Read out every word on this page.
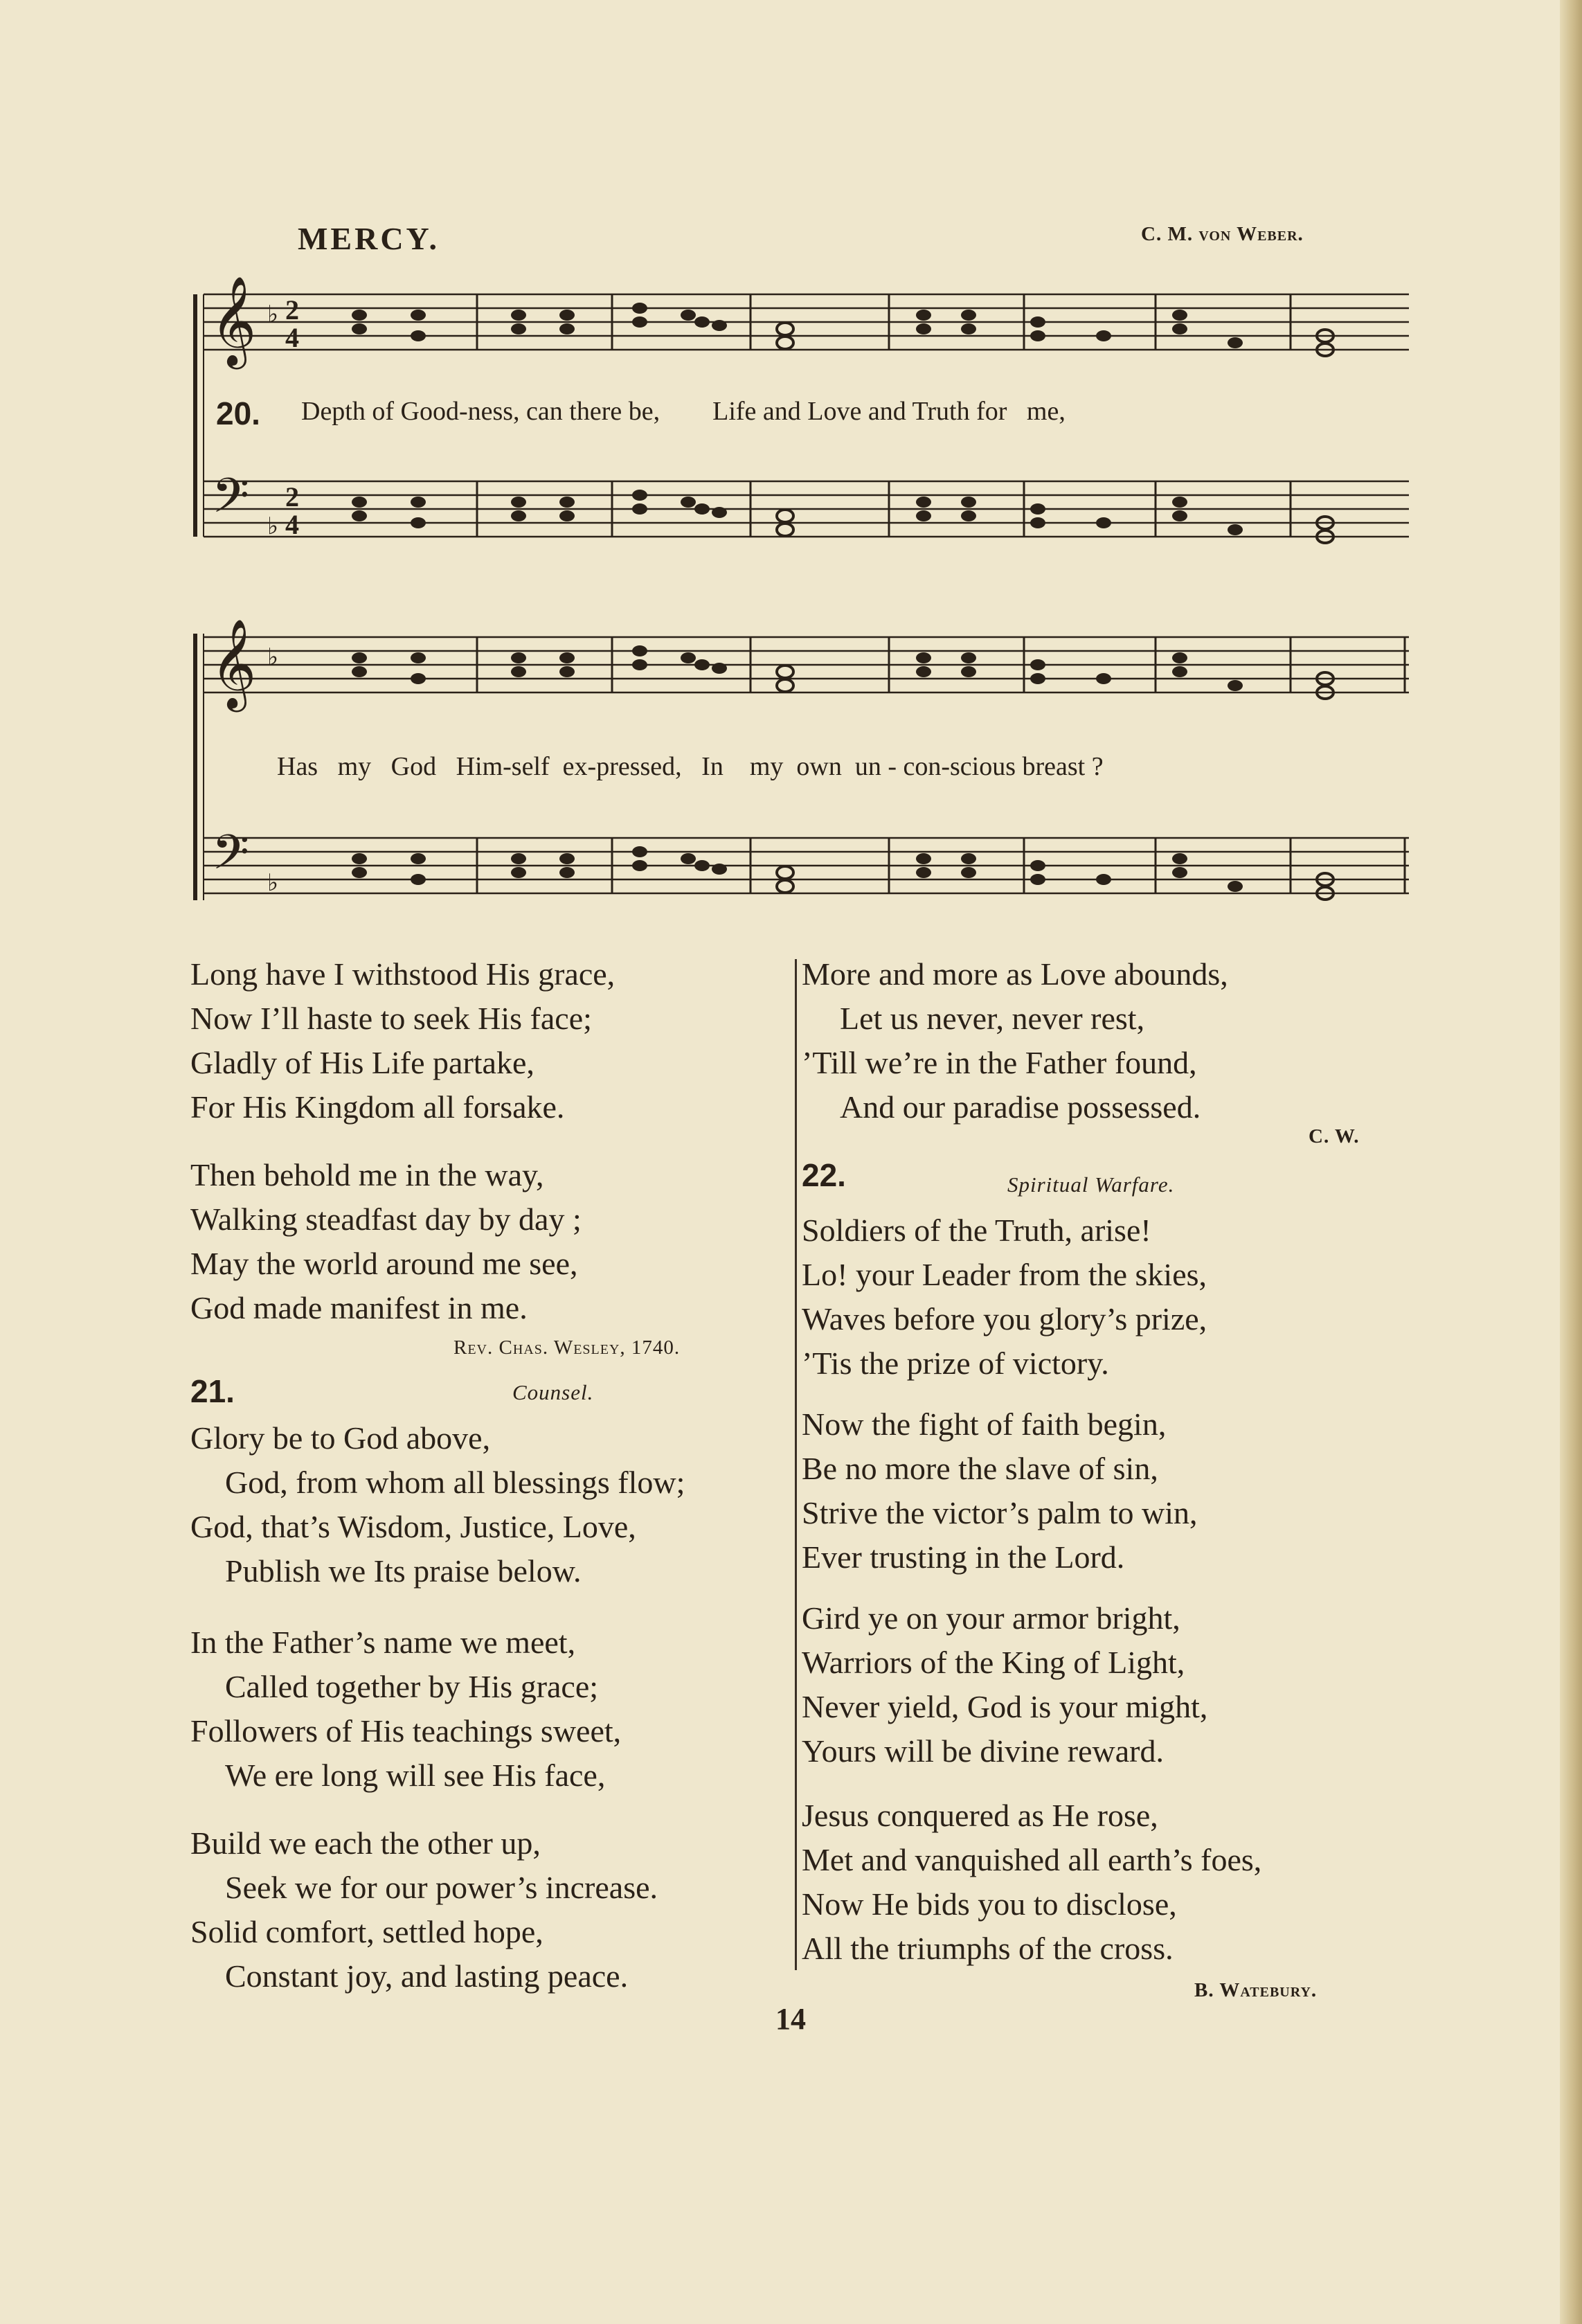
MERCY.	C. M. von Weber.
𝄞 ♭ 2
4
𝄢 ♭
2
4
𝄞 ♭
𝄢 ♭
20. Depth of Good-ness, can there be,        Life and Love and Truth for   me,
Has   my   God   Him-self  ex-pressed,   In    my  own  un - con-scious breast ?
Long have I withstood His grace,
Now I’ll haste to seek His face;
Gladly of His Life partake,
For His Kingdom all forsake.
Then behold me in the way,
Walking steadfast day by day ;
May the world around me see,
God made manifest in me.
Rev. Chas. Wesley, 1740.
21.	Counsel.
Glory be to God above,
God, from whom all blessings flow;
God, that’s Wisdom, Justice, Love,
Publish we Its praise below.
In the Father’s name we meet,
Called together by His grace;
Followers of His teachings sweet,
We ere long will see His face,
Build we each the other up,
Seek we for our power’s increase.
Solid comfort, settled hope,
Constant joy, and lasting peace.
More and more as Love abounds,
Let us never, never rest,
’Till we’re in the Father found,
And our paradise possessed.
C. W.
22.	Spiritual Warfare.
Soldiers of the Truth, arise!
Lo! your Leader from the skies,
Waves before you glory’s prize,
’Tis the prize of victory.
Now the fight of faith begin,
Be no more the slave of sin,
Strive the victor’s palm to win,
Ever trusting in the Lord.
Gird ye on your armor bright,
Warriors of the King of Light,
Never yield, God is your might,
Yours will be divine reward.
Jesus conquered as He rose,
Met and vanquished all earth’s foes,
Now He bids you to disclose,
All the triumphs of the cross.
B. Watebury.
14
